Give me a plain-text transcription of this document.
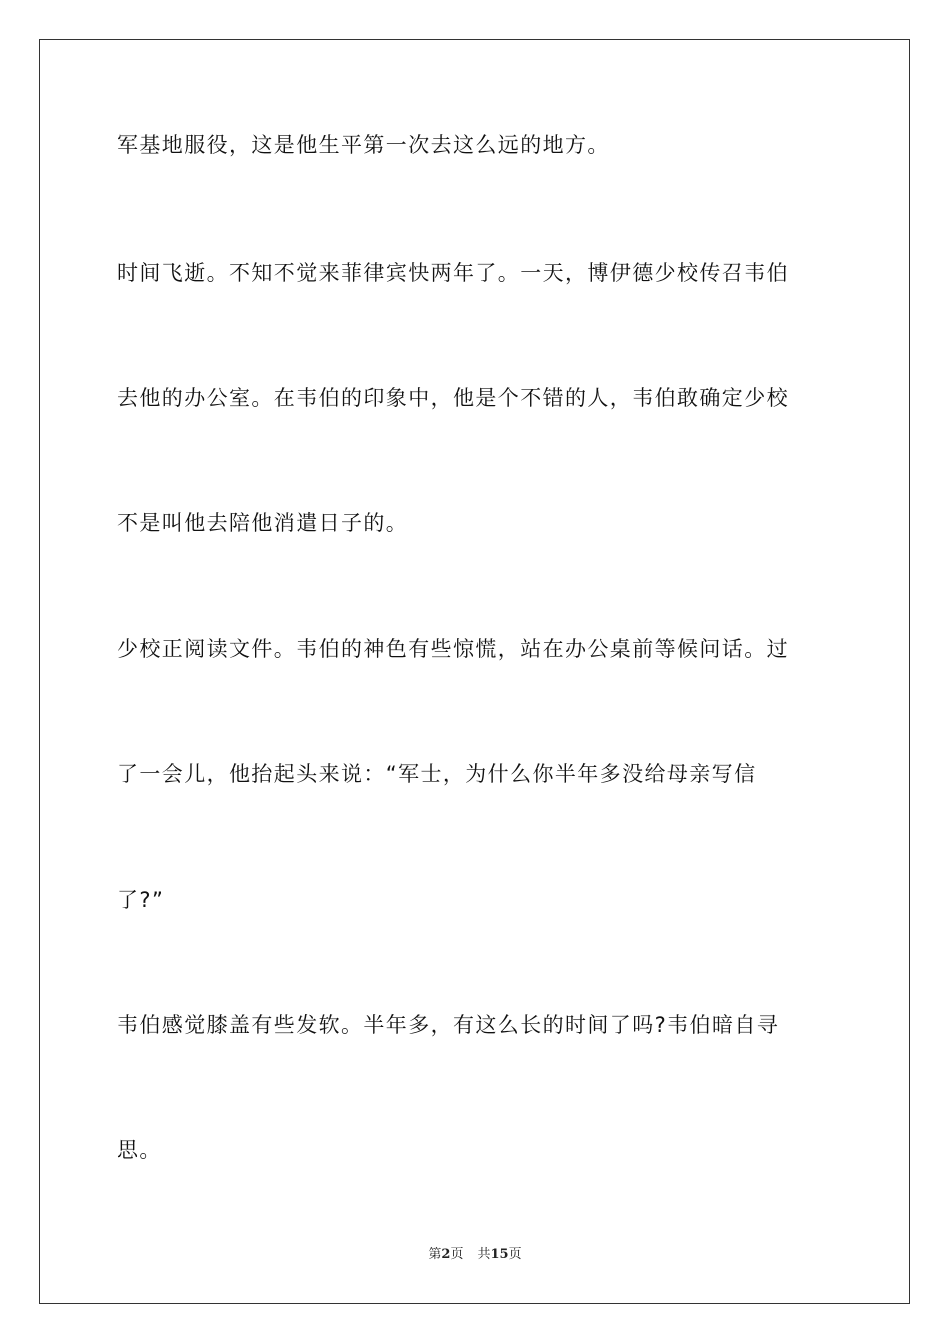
军基地服役，这是他生平第一次去这么远的地方。
时间飞逝。不知不觉来菲律宾快两年了。一天，博伊德少校传召韦伯
去他的办公室。在韦伯的印象中，他是个不错的人，韦伯敢确定少校
不是叫他去陪他消遣日子的。
少校正阅读文件。韦伯的神色有些惊慌，站在办公桌前等候问话。过
了一会儿，他抬起头来说：“军士，为什么你半年多没给母亲写信
了?”
韦伯感觉膝盖有些发软。半年多，有这么长的时间了吗?韦伯暗自寻
思。
第2页 共15页
